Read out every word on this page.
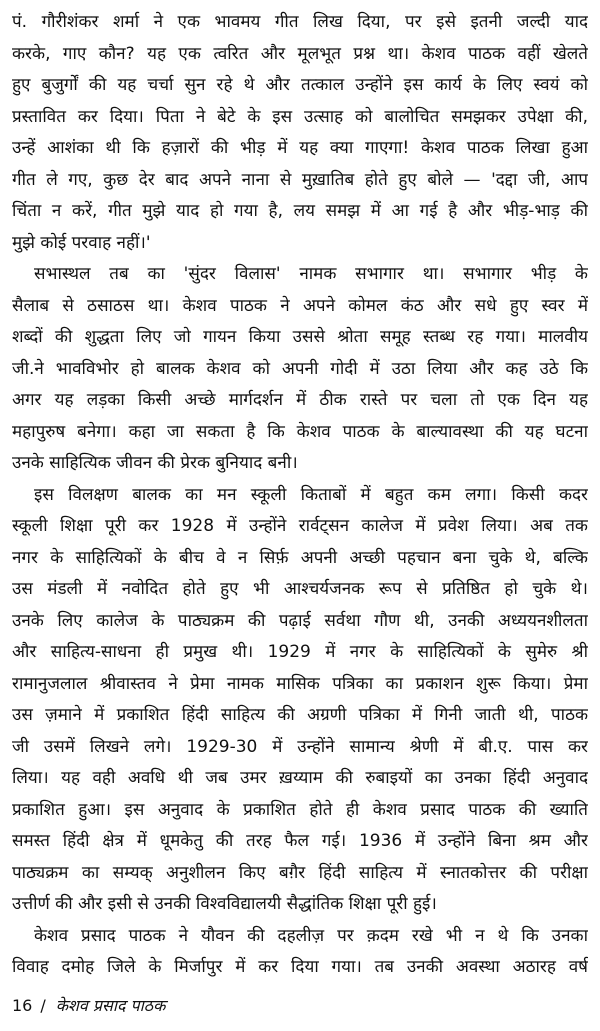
पं. गौरीशंकर शर्मा ने एक भावमय गीत लिख दिया, पर इसे इतनी जल्दी याद
करके, गाए कौन? यह एक त्वरित और मूलभूत प्रश्न था। केशव पाठक वहीं खेलते
हुए बुजुर्गों की यह चर्चा सुन रहे थे और तत्काल उन्होंने इस कार्य के लिए स्वयं को
प्रस्तावित कर दिया। पिता ने बेटे के इस उत्साह को बालोचित समझकर उपेक्षा की,
उन्हें आशंका थी कि हज़ारों की भीड़ में यह क्या गाएगा! केशव पाठक लिखा हुआ
गीत ले गए, कुछ देर बाद अपने नाना से मुख़ातिब होते हुए बोले — 'दद्दा जी, आप
चिंता न करें, गीत मुझे याद हो गया है, लय समझ में आ गई है और भीड़-भाड़ की
मुझे कोई परवाह नहीं।'
सभास्थल तब का 'सुंदर विलास' नामक सभागार था। सभागार भीड़ के
सैलाब से ठसाठस था। केशव पाठक ने अपने कोमल कंठ और सधे हुए स्वर में
शब्दों की शुद्धता लिए जो गायन किया उससे श्रोता समूह स्तब्ध रह गया। मालवीय
जी.ने भावविभोर हो बालक केशव को अपनी गोदी में उठा लिया और कह उठे कि
अगर यह लड़का किसी अच्छे मार्गदर्शन में ठीक रास्ते पर चला तो एक दिन यह
महापुरुष बनेगा। कहा जा सकता है कि केशव पाठक के बाल्यावस्था की यह घटना
उनके साहित्यिक जीवन की प्रेरक बुनियाद बनी।
इस विलक्षण बालक का मन स्कूली किताबों में बहुत कम लगा। किसी कदर
स्कूली शिक्षा पूरी कर 1928 में उन्होंने रार्वट्सन कालेज में प्रवेश लिया। अब तक
नगर के साहित्यिकों के बीच वे न सिर्फ़ अपनी अच्छी पहचान बना चुके थे, बल्कि
उस मंडली में नवोदित होते हुए भी आश्चर्यजनक रूप से प्रतिष्ठित हो चुके थे।
उनके लिए कालेज के पाठ्यक्रम की पढ़ाई सर्वथा गौण थी, उनकी अध्ययनशीलता
और साहित्य-साधना ही प्रमुख थी। 1929 में नगर के साहित्यिकों के सुमेरु श्री
रामानुजलाल श्रीवास्तव ने प्रेमा नामक मासिक पत्रिका का प्रकाशन शुरू किया। प्रेमा
उस ज़माने में प्रकाशित हिंदी साहित्य की अग्रणी पत्रिका में गिनी जाती थी, पाठक
जी उसमें लिखने लगे। 1929-30 में उन्होंने सामान्य श्रेणी में बी.ए. पास कर
लिया। यह वही अवधि थी जब उमर ख़य्याम की रुबाइयों का उनका हिंदी अनुवाद
प्रकाशित हुआ। इस अनुवाद के प्रकाशित होते ही केशव प्रसाद पाठक की ख्याति
समस्त हिंदी क्षेत्र में धूमकेतु की तरह फैल गई। 1936 में उन्होंने बिना श्रम और
पाठ्यक्रम का सम्यक् अनुशीलन किए बग़ैर हिंदी साहित्य में स्नातकोत्तर की परीक्षा
उत्तीर्ण की और इसी से उनकी विश्वविद्यालयी सैद्धांतिक शिक्षा पूरी हुई।
केशव प्रसाद पाठक ने यौवन की दहलीज़ पर क़दम रखे भी न थे कि उनका
विवाह दमोह जिले के मिर्जापुर में कर दिया गया। तब उनकी अवस्था अठारह वर्ष
16 / केशव प्रसाद पाठक
